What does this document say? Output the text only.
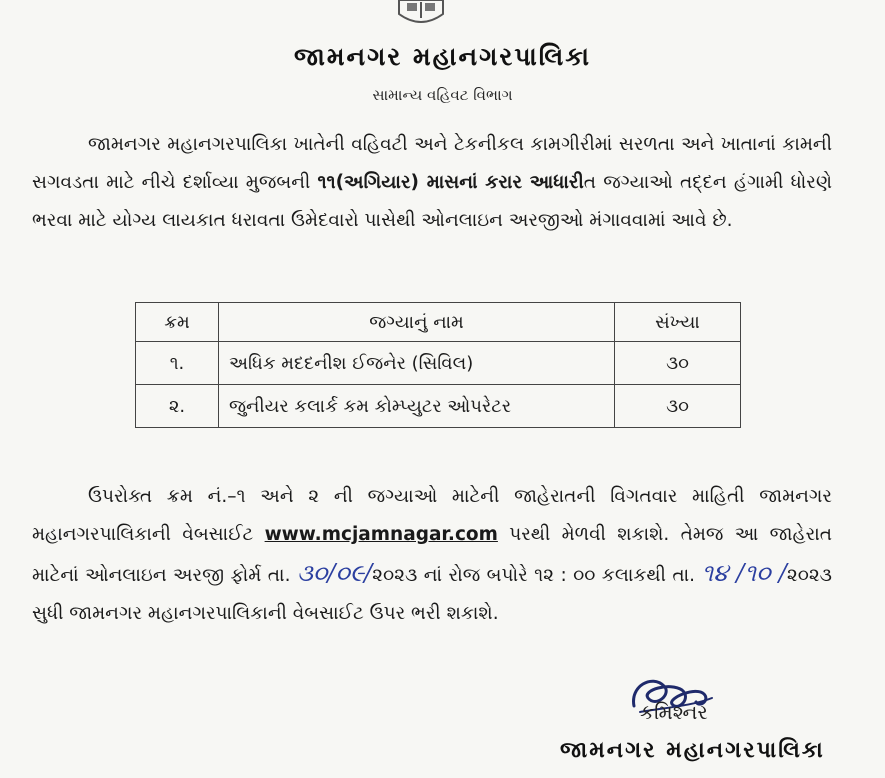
જામનગર મહાનગરપાલિકા
સામાન્ય વહિવટ વિભાગ
જામનગર મહાનગરપાલિકા ખાતેની વહિવટી અને ટેકનીકલ કામગીરીમાં સરળતા અને ખાતાનાં કામની સગવડતા માટે નીચે દર્શાવ્યા મુજબની ૧૧(અગિયાર) માસનાં કરાર આધારીત જગ્યાઓ તદ્દન હંગામી ધોરણે ભરવા માટે યોગ્ય લાયકાત ધરાવતા ઉમેદવારો પાસેથી ઓનલાઇન અરજીઓ મંગાવવામાં આવે છે.
ક્રમ	જગ્યાનું નામ	સંખ્યા
૧.	અધિક મદદનીશ ઈજનેર (સિવિલ)	૩૦
૨.	જુનીયર કલાર્ક કમ કોમ્પ્યુટર ઓપરેટર	૩૦
ઉપરોક્ત ક્રમ નં.–૧ અને ૨ ની જગ્યાઓ માટેની જાહેરાતની વિગતવાર માહિતી જામનગર મહાનગરપાલિકાની વેબસાઈટ www.mcjamnagar.com પરથી મેળવી શકાશે. તેમજ આ જાહેરાત માટેનાં ઓનલાઇન અરજી ફોર્મ તા. ૩૦/૦૯/૨૦૨૩ નાં રોજ બપોરે ૧૨ : ૦૦ કલાકથી તા. ૧૪ /૧૦ /૨૦૨૩ સુધી જામનગર મહાનગરપાલિકાની વેબસાઈટ ઉપર ભરી શકાશે.
કમિશ્નર
જામનગર મહાનગરપાલિકા
